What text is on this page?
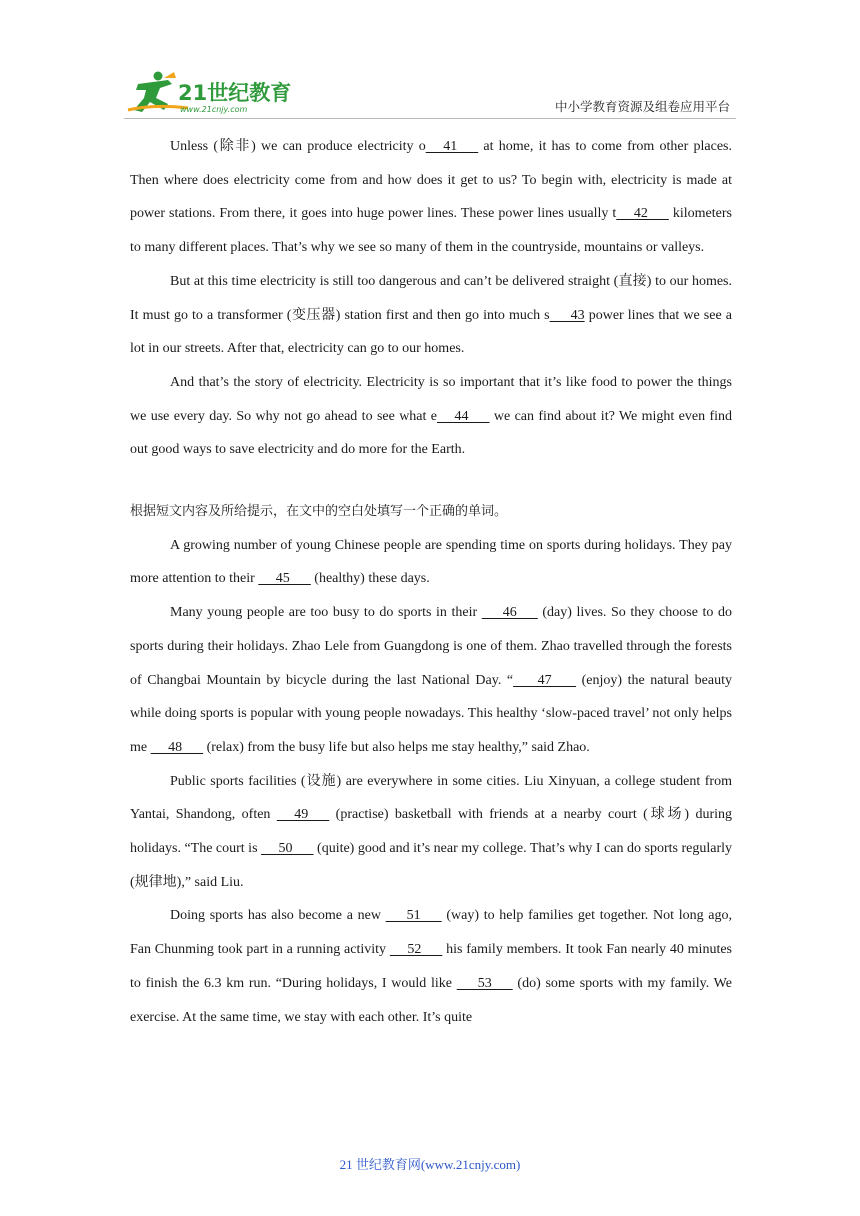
21世纪教育
www.21cnjy.com	中小学教育资源及组卷应用平台

Unless (除非) we can produce electricity o     41       at home, it has to come from other places. Then where does electricity come from and how does it get to us? To begin with, electricity is made at power stations. From there, it goes into huge power lines. These power lines usually t     42       kilometers to many different places. That’s why we see so many of them in the countryside, mountains or valleys.

But at this time electricity is still too dangerous and can’t be delivered straight (直接) to our homes. It must go to a transformer (变压器) station first and then go into much s      43 power lines that we see a lot in our streets. After that, electricity can go to our homes.

And that’s the story of electricity. Electricity is so important that it’s like food to power the things we use every day. So why not go ahead to see what e     44       we can find about it? We might even find out good ways to save electricity and do more for the Earth.

根据短文内容及所给提示，在文中的空白处填写一个正确的单词。

A growing number of young Chinese people are spending time on sports during holidays. They pay more attention to their      45       (healthy) these days.

Many young people are too busy to do sports in their       46       (day) lives. So they choose to do sports during their holidays. Zhao Lele from Guangdong is one of them. Zhao travelled through the forests of Changbai Mountain by bicycle during the last National Day. “       47        (enjoy) the natural beauty while doing sports is popular with young people nowadays. This healthy ‘slow-paced travel’ not only helps me      48       (relax) from the busy life but also helps me stay healthy,” said Zhao.

Public sports facilities (设施) are everywhere in some cities. Liu Xinyuan, a college student from Yantai, Shandong, often      49       (practise) basketball with friends at a nearby court (球场) during holidays. “The court is      50       (quite) good and it’s near my college. That’s why I can do sports regularly (规律地),” said Liu.

Doing sports has also become a new       51       (way) to help families get together. Not long ago, Fan Chunming took part in a running activity      52       his family members. It took Fan nearly 40 minutes to finish the 6.3 km run. “During holidays, I would like       53       (do) some sports with my family. We exercise. At the same time, we stay with each other. It’s quite

21 世纪教育网(www.21cnjy.com)
